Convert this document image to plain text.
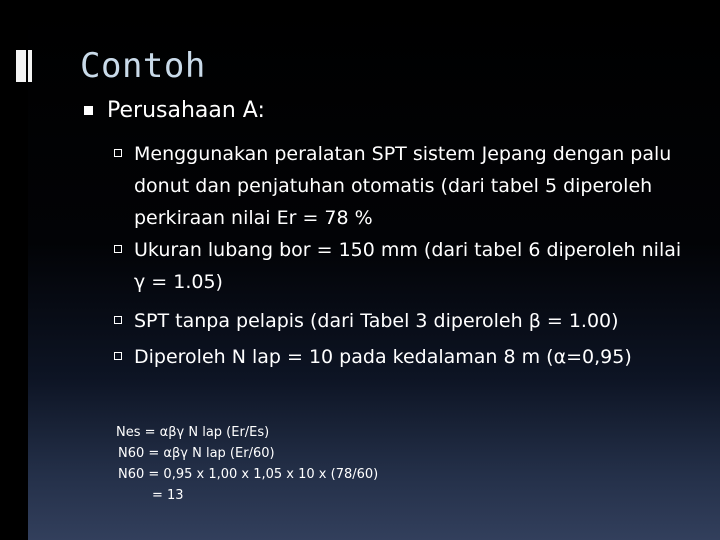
Contoh
Perusahaan A:
Menggunakan peralatan SPT sistem Jepang dengan palu donut dan penjatuhan otomatis (dari tabel 5 diperoleh perkiraan nilai Er = 78 %
Ukuran lubang bor = 150 mm (dari tabel 6 diperoleh nilai γ = 1.05)
SPT tanpa pelapis (dari Tabel 3 diperoleh β = 1.00)
Diperoleh N lap = 10 pada kedalaman 8 m (α=0,95)
Nes = αβγ N lap (Er/Es)
N60 = αβγ N lap (Er/60)
N60 = 0,95 x 1,00 x 1,05 x 10 x (78/60)
= 13
